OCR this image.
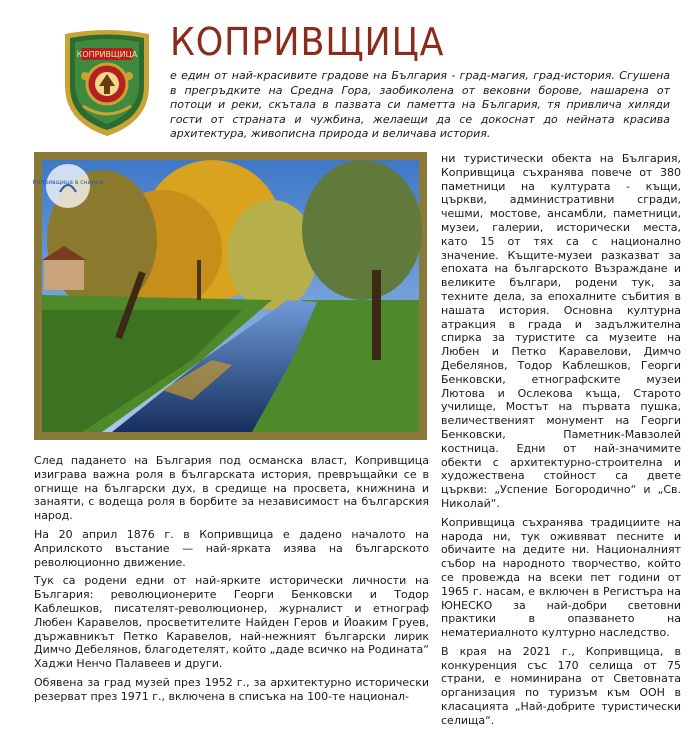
КОПРИВЩИЦА КОПРИВЩИЦА

е един от най-красивите градове на България - град-магия, град-история. Сгушена в прегръдките на Средна Гора, заобиколена от вековни борове, нашарена от потоци и реки, скътала в пазвата си паметта на България, тя привлича хиляди гости от страната и чужбина, желаещи да се докоснат до нейната красива архитектура, живописна природа и величава история.

Копривщица в снимки

След падането на България под османска власт, Копривщица изиграва важна роля в българската история, превръщайки се в огнище на български дух, в средище на просвета, книжнина и занаяти, с водеща роля в борбите за независимост на българския народ.

На 20 април 1876 г. в Копривщица е дадено началото на Априлското въстание — най-ярката изява на българското революционно движение.

Тук са родени едни от най-ярките исторически личности на България: революционерите Георги Бенковски и Тодор Каблешков, писателят-революционер, журналист и етнограф Любен Каравелов, просветителите Найден Геров и Йоаким Груев, държавникът Петко Каравелов, най-нежният български лирик Димчо Дебелянов, благодетелят, който „даде всичко на Родината“ Хаджи Ненчо Палавеев и други.

Обявена за град музей през 1952 г., за архитектурно исторически резерват през 1971 г., включена в списъка на 100-те национал-

ни туристически обекта на България, Копривщица съхранява повече от 380 паметници на културата - къщи, църкви, административни сгради, чешми, мостове, ансамбли, паметници, музеи, галерии, исторически места, като 15 от тях са с национално значение. Къщите-музеи разказват за епохата на българското Възраждане и великите българи, родени тук, за техните дела, за епохалните събития в нашата история. Основна културна атракция в града и задължителна спирка за туристите са музеите на Любен и Петко Каравелови, Димчо Дебелянов, Тодор Каблешков, Георги Бенковски, етнографските музеи Лютова и Ослекова къща, Старото училище, Мостът на първата пушка, величественият монумент на Георги Бенковски, Паметник-Мавзолей костница. Едни от най-значимите обекти с архитектурно-строителна и художествена стойност са двете църкви: „Успение Богородично“ и „Св. Николай“.

Копривщица съхранява традициите на народа ни, тук оживяват песните и обичаите на дедите ни. Националният събор на народното творчество, който се провежда на всеки пет години от 1965 г. насам, е включен в Регистъра на ЮНЕСКО за най-добри световни практики в опазването на нематериалното културно наследство.

В края на 2021 г., Копривщица, в конкуренция със 170 селища от 75 страни, е номинирана от Световната организация по туризъм към ООН в класацията „Най-добрите туристически селища“.
